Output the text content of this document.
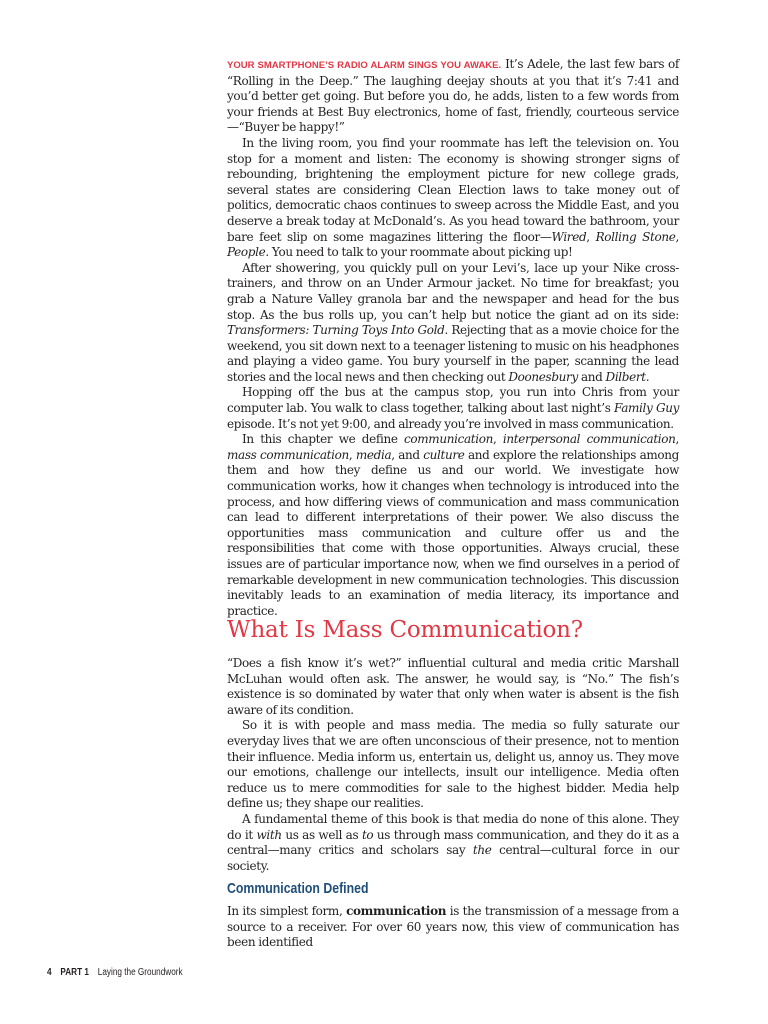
YOUR SMARTPHONE’S RADIO ALARM SINGS YOU AWAKE. It’s Adele, the last few bars of “Rolling in the Deep.” The laughing deejay shouts at you that it’s 7:41 and you’d better get going. But before you do, he adds, listen to a few words from your friends at Best Buy electronics, home of fast, friendly, courteous service—“Buyer be happy!”

In the living room, you find your roommate has left the television on. You stop for a moment and listen: The economy is showing stronger signs of rebounding, brightening the employment picture for new college grads, several states are considering Clean Election laws to take money out of politics, democratic chaos continues to sweep across the Middle East, and you deserve a break today at McDonald’s. As you head toward the bathroom, your bare feet slip on some magazines littering the floor—Wired, Rolling Stone, People. You need to talk to your roommate about picking up!

After showering, you quickly pull on your Levi’s, lace up your Nike cross-trainers, and throw on an Under Armour jacket. No time for breakfast; you grab a Nature Valley granola bar and the newspaper and head for the bus stop. As the bus rolls up, you can’t help but notice the giant ad on its side: Transformers: Turning Toys Into Gold. Rejecting that as a movie choice for the weekend, you sit down next to a teenager listening to music on his headphones and playing a video game. You bury yourself in the paper, scanning the lead stories and the local news and then checking out Doonesbury and Dilbert.

Hopping off the bus at the campus stop, you run into Chris from your computer lab. You walk to class together, talking about last night’s Family Guy episode. It’s not yet 9:00, and already you’re involved in mass communication.

In this chapter we define communication, interpersonal communication, mass communication, media, and culture and explore the relationships among them and how they define us and our world. We investigate how communication works, how it changes when technology is introduced into the process, and how differing views of communication and mass communication can lead to different interpretations of their power. We also discuss the opportunities mass communication and culture offer us and the responsibilities that come with those opportunities. Always crucial, these issues are of particular importance now, when we find ourselves in a period of remarkable development in new communication technologies. This discussion inevitably leads to an examination of media literacy, its importance and practice.

What Is Mass Communication?

“Does a fish know it’s wet?” influential cultural and media critic Marshall McLuhan would often ask. The answer, he would say, is “No.” The fish’s existence is so dominated by water that only when water is absent is the fish aware of its condition.

So it is with people and mass media. The media so fully saturate our everyday lives that we are often unconscious of their presence, not to mention their influence. Media inform us, entertain us, delight us, annoy us. They move our emotions, challenge our intellects, insult our intelligence. Media often reduce us to mere commodities for sale to the highest bidder. Media help define us; they shape our realities.

A fundamental theme of this book is that media do none of this alone. They do it with us as well as to us through mass communication, and they do it as a central—many critics and scholars say the central—cultural force in our society.

Communication Defined

In its simplest form, communication is the transmission of a message from a source to a receiver. For over 60 years now, this view of communication has been identified

4 PART 1 Laying the Groundwork
